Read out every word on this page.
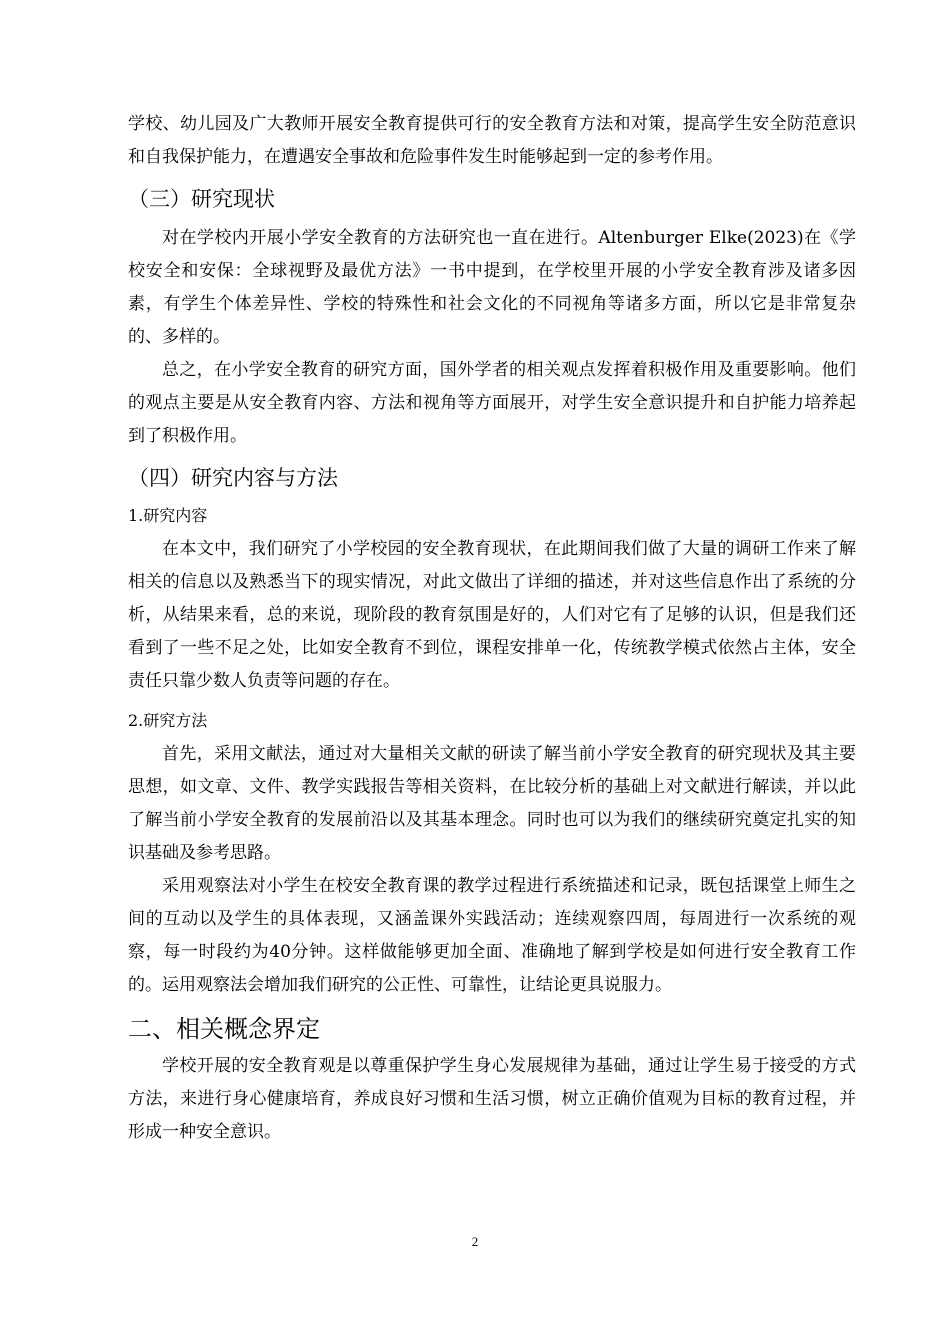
学校、幼儿园及广大教师开展安全教育提供可行的安全教育方法和对策，提高学生安全防范意识和自我保护能力，在遭遇安全事故和危险事件发生时能够起到一定的参考作用。

（三）研究现状

对在学校内开展小学安全教育的方法研究也一直在进行。Altenburger Elke(2023)在《学校安全和安保：全球视野及最优方法》一书中提到，在学校里开展的小学安全教育涉及诸多因素，有学生个体差异性、学校的特殊性和社会文化的不同视角等诸多方面，所以它是非常复杂的、多样的。

总之，在小学安全教育的研究方面，国外学者的相关观点发挥着积极作用及重要影响。他们的观点主要是从安全教育内容、方法和视角等方面展开，对学生安全意识提升和自护能力培养起到了积极作用。

（四）研究内容与方法
1.研究内容

在本文中，我们研究了小学校园的安全教育现状，在此期间我们做了大量的调研工作来了解相关的信息以及熟悉当下的现实情况，对此文做出了详细的描述，并对这些信息作出了系统的分析，从结果来看，总的来说，现阶段的教育氛围是好的，人们对它有了足够的认识，但是我们还看到了一些不足之处，比如安全教育不到位，课程安排单一化，传统教学模式依然占主体，安全责任只靠少数人负责等问题的存在。

2.研究方法

首先，采用文献法，通过对大量相关文献的研读了解当前小学安全教育的研究现状及其主要思想，如文章、文件、教学实践报告等相关资料，在比较分析的基础上对文献进行解读，并以此了解当前小学安全教育的发展前沿以及其基本理念。同时也可以为我们的继续研究奠定扎实的知识基础及参考思路。

采用观察法对小学生在校安全教育课的教学过程进行系统描述和记录，既包括课堂上师生之间的互动以及学生的具体表现，又涵盖课外实践活动；连续观察四周，每周进行一次系统的观察，每一时段约为40分钟。这样做能够更加全面、准确地了解到学校是如何进行安全教育工作的。运用观察法会增加我们研究的公正性、可靠性，让结论更具说服力。

二、相关概念界定

学校开展的安全教育观是以尊重保护学生身心发展规律为基础，通过让学生易于接受的方式方法，来进行身心健康培育，养成良好习惯和生活习惯，树立正确价值观为目标的教育过程，并形成一种安全意识。

2
